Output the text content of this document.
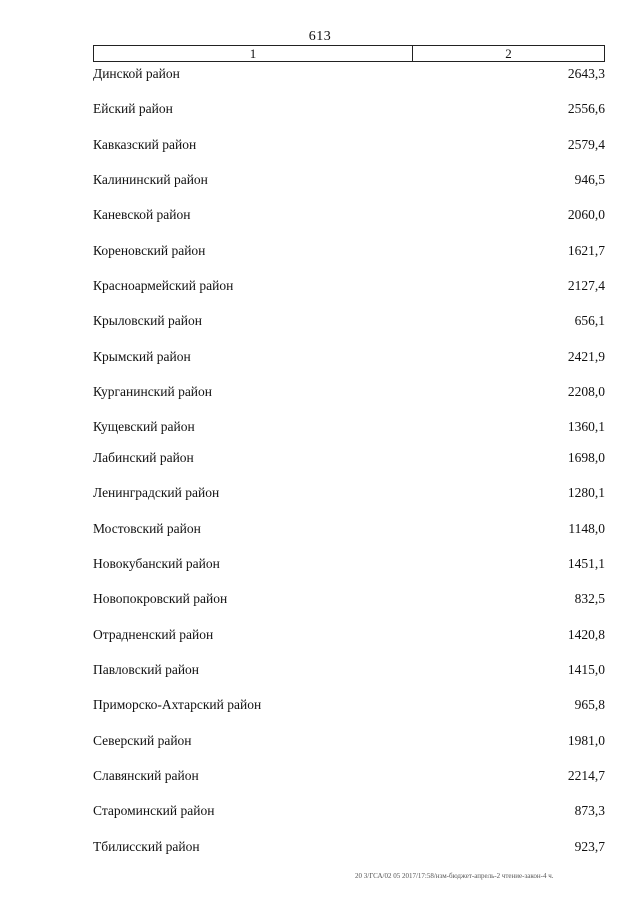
613
1	2
Динской район	2643,3
Ейский район	2556,6
Кавказский район	2579,4
Калининский район	946,5
Каневской район	2060,0
Кореновский район	1621,7
Красноармейский район	2127,4
Крыловский район	656,1
Крымский район	2421,9
Курганинский район	2208,0
Кущевский район	1360,1
Лабинский район	1698,0
Ленинградский район	1280,1
Мостовский район	1148,0
Новокубанский район	1451,1
Новопокровский район	832,5
Отрадненский район	1420,8
Павловский район	1415,0
Приморско-Ахтарский район	965,8
Северский район	1981,0
Славянский район	2214,7
Староминский район	873,3
Тбилисский район	923,7
20 3/ГСА/02 05 2017/17:58/нзм-бюджет-апрель-2 чтение-закон-4 ч.
